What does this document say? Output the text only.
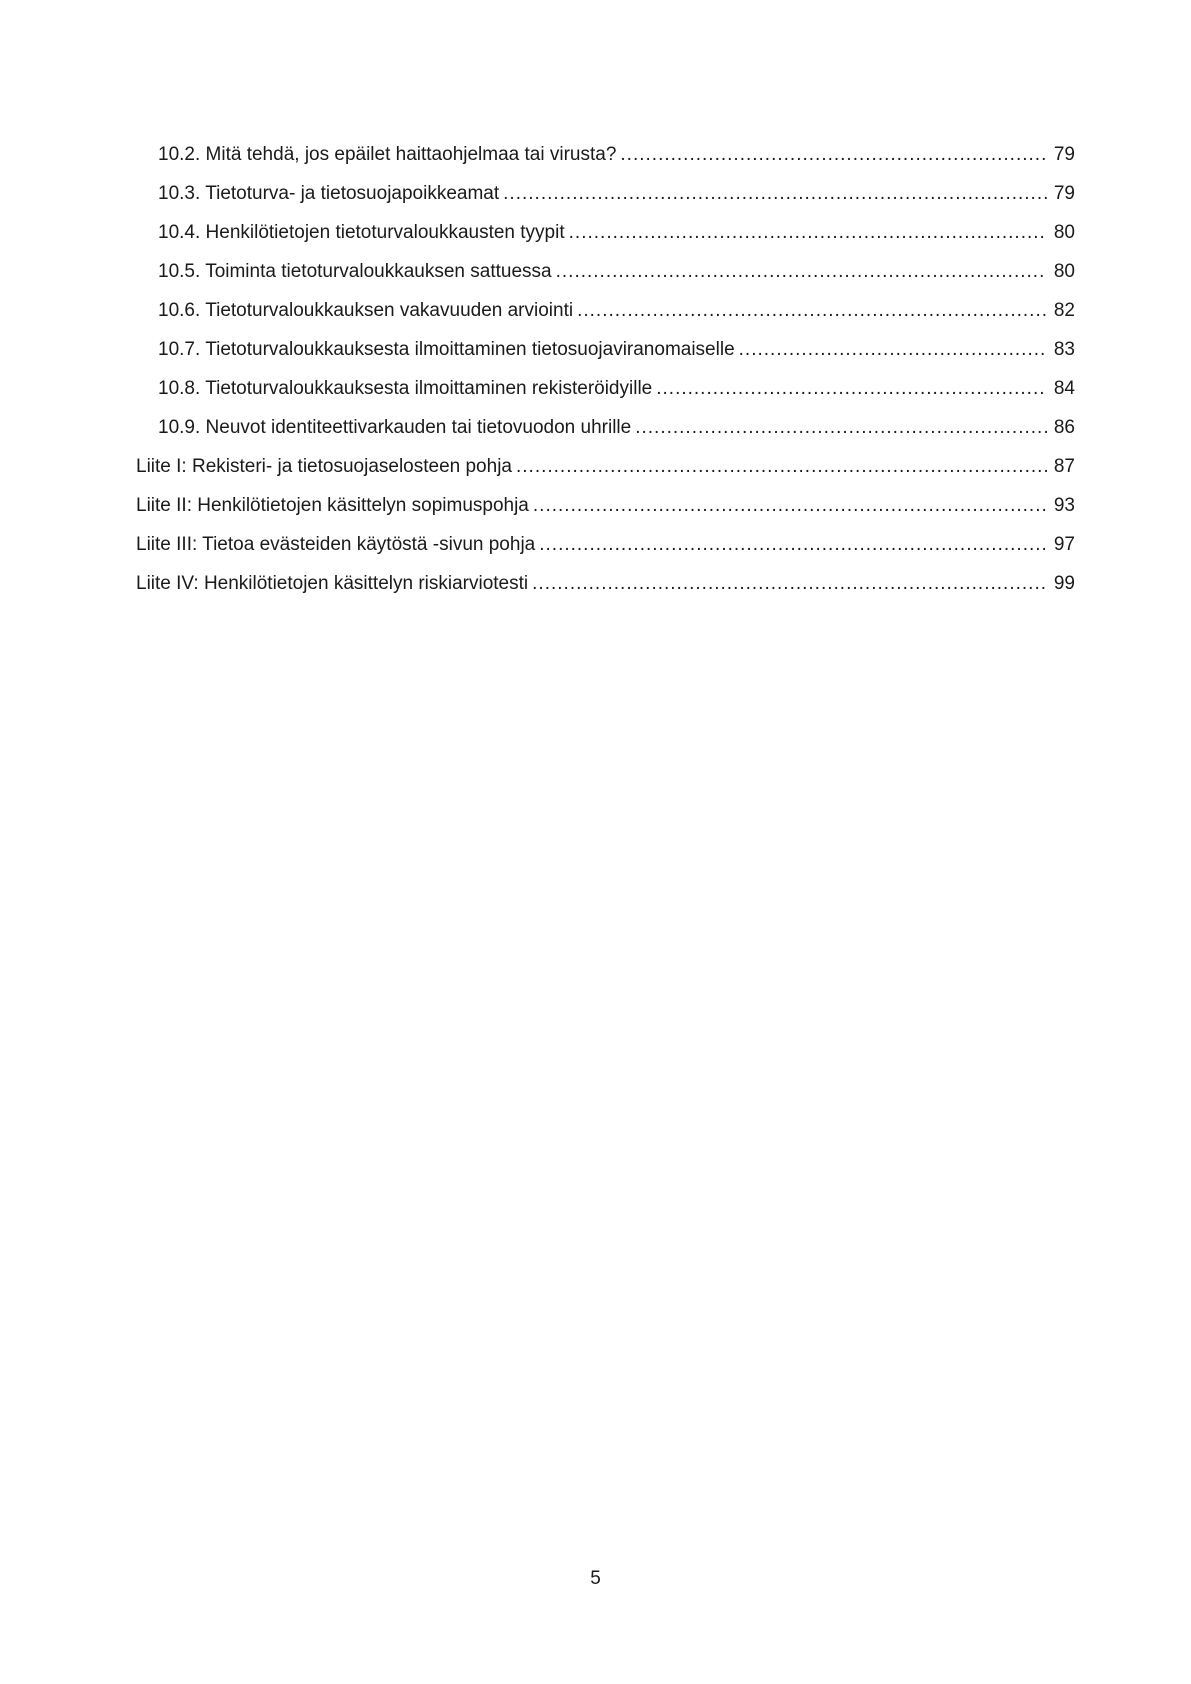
10.2. Mitä tehdä, jos epäilet haittaohjelmaa tai virusta? .....	79
10.3. Tietoturva- ja tietosuojapoikkeamat .....	79
10.4. Henkilötietojen tietoturvaloukkausten tyypit .....	80
10.5. Toiminta tietoturvaloukkauksen sattuessa .....	80
10.6. Tietoturvaloukkauksen vakavuuden arviointi .....	82
10.7. Tietoturvaloukkauksesta ilmoittaminen tietosuojaviranomaiselle .....	83
10.8. Tietoturvaloukkauksesta ilmoittaminen rekisteröidyille .....	84
10.9. Neuvot identiteettivarkauden tai tietovuodon uhrille .....	86
Liite I: Rekisteri- ja tietosuojaselosteen pohja .....	87
Liite II: Henkilötietojen käsittelyn sopimuspohja .....	93
Liite III: Tietoa evästeiden käytöstä -sivun pohja .....	97
Liite IV: Henkilötietojen käsittelyn riskiarviotesti .....	99
5
